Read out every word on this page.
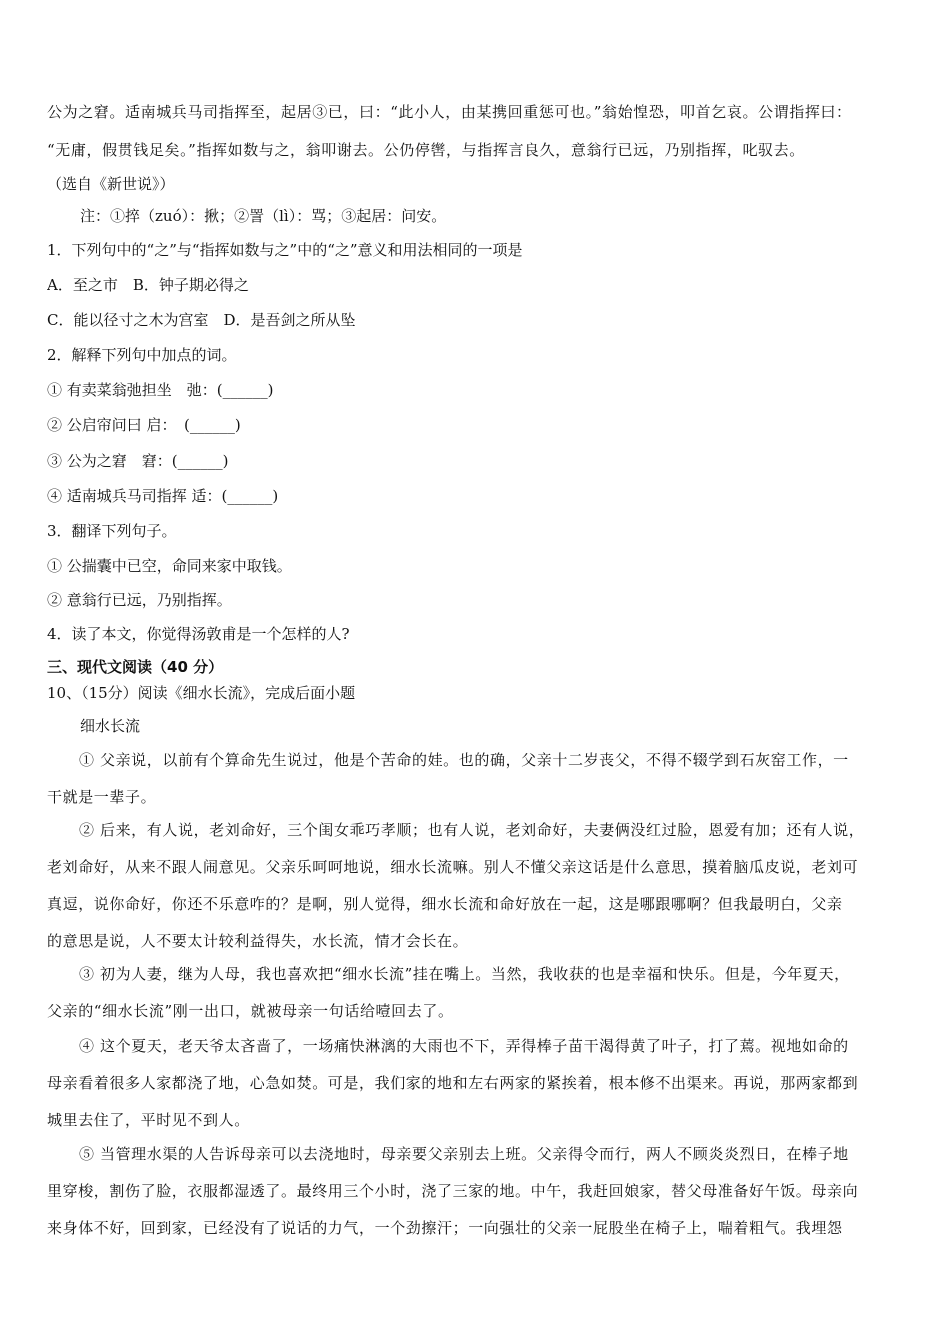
公为之窘。适南城兵马司指挥至，起居③已，曰：“此小人，由某携回重惩可也。”翁始惶恐，叩首乞哀。公谓指挥曰：
“无庸，假贯钱足矣。”指挥如数与之，翁叩谢去。公仍停辔，与指挥言良久，意翁行已远，乃别指挥，叱驭去。
（选自《新世说》）
注：①捽（zuó）：揪；②詈（lì）：骂；③起居：问安。
1．下列句中的“之”与“指挥如数与之”中的“之”意义和用法相同的一项是
A．至之市　B．钟子期必得之
C．能以径寸之木为宫室　D．是吾剑之所从坠
2．解释下列句中加点的词。
① 有卖菜翁弛担坐　弛：(______)
② 公启帘问曰 启：　(______)
③ 公为之窘　窘：(______)
④ 适南城兵马司指挥 适：(______)
3．翻译下列句子。
① 公揣囊中已空，命同来家中取钱。
② 意翁行已远，乃别指挥。
4．读了本文，你觉得汤敦甫是一个怎样的人?
三、现代文阅读（40 分）
10、（15分）阅读《细水长流》，完成后面小题
细水长流
① 父亲说，以前有个算命先生说过，他是个苦命的娃。也的确，父亲十二岁丧父，不得不辍学到石灰窑工作，一
干就是一辈子。
② 后来，有人说，老刘命好，三个闺女乖巧孝顺；也有人说，老刘命好，夫妻俩没红过脸，恩爱有加；还有人说，
老刘命好，从来不跟人闹意见。父亲乐呵呵地说，细水长流嘛。别人不懂父亲这话是什么意思，摸着脑瓜皮说，老刘可
真逗，说你命好，你还不乐意咋的？是啊，别人觉得，细水长流和命好放在一起，这是哪跟哪啊？但我最明白，父亲
的意思是说，人不要太计较利益得失，水长流，情才会长在。
③ 初为人妻，继为人母，我也喜欢把“细水长流”挂在嘴上。当然，我收获的也是幸福和快乐。但是，今年夏天，
父亲的“细水长流”刚一出口，就被母亲一句话给噎回去了。
④ 这个夏天，老天爷太吝啬了，一场痛快淋漓的大雨也不下，弄得棒子苗干渴得黄了叶子，打了蔫。视地如命的
母亲看着很多人家都浇了地，心急如焚。可是，我们家的地和左右两家的紧挨着，根本修不出渠来。再说，那两家都到
城里去住了，平时见不到人。
⑤ 当管理水渠的人告诉母亲可以去浇地时，母亲要父亲别去上班。父亲得令而行，两人不顾炎炎烈日，在棒子地
里穿梭，割伤了脸，衣服都湿透了。最终用三个小时，浇了三家的地。中午，我赶回娘家，替父母准备好午饭。母亲向
来身体不好，回到家，已经没有了说话的力气，一个劲擦汗；一向强壮的父亲一屁股坐在椅子上，喘着粗气。我埋怨
